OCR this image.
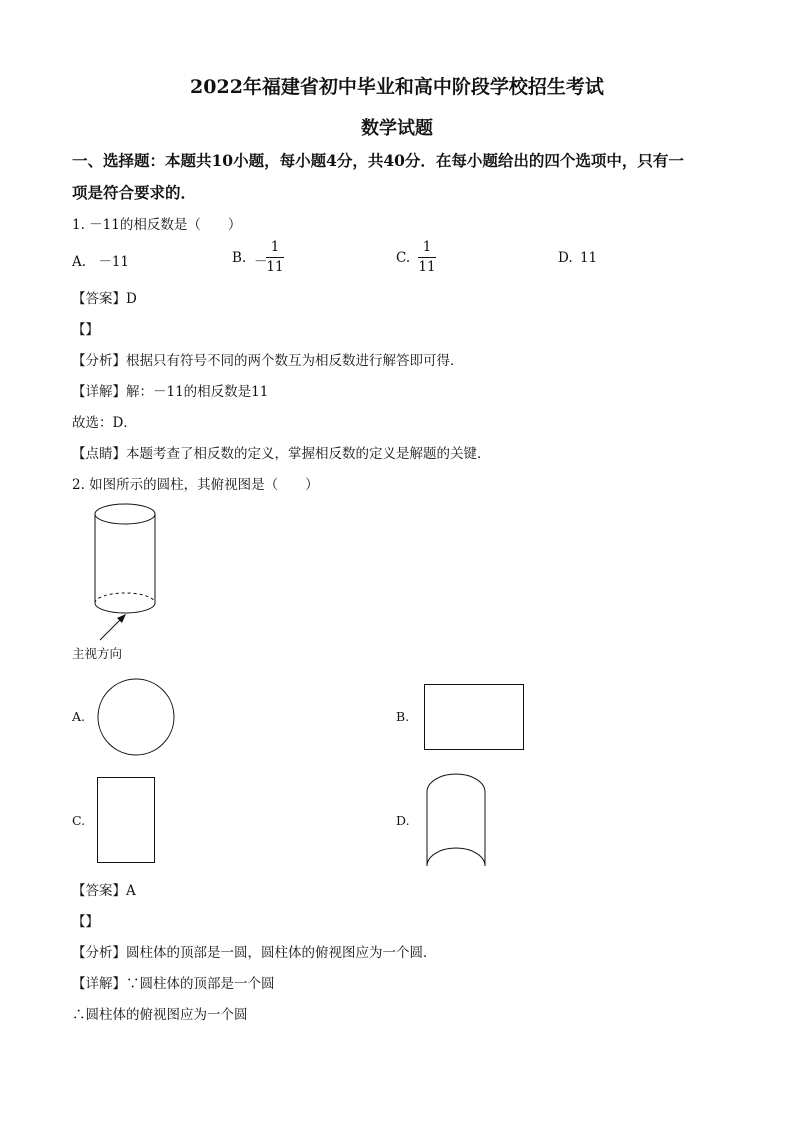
2022年福建省初中毕业和高中阶段学校招生考试
数学试题
一、选择题：本题共10小题，每小题4分，共40分．在每小题给出的四个选项中，只有一
项是符合要求的．
1. －11的相反数是（　　）
A. －11	B. －
1
11
C.
1
11
D. 11
【答案】D
【】
【分析】根据只有符号不同的两个数互为相反数进行解答即可得．
【详解】解：－11的相反数是11
故选：D．
【点睛】本题考查了相反数的定义，掌握相反数的定义是解题的关键．
2. 如图所示的圆柱，其俯视图是（　　）
主视方向
A.	B.
C.	D.
【答案】A
【】
【分析】圆柱体的顶部是一圆，圆柱体的俯视图应为一个圆．
【详解】∵圆柱体的顶部是一个圆
∴圆柱体的俯视图应为一个圆
